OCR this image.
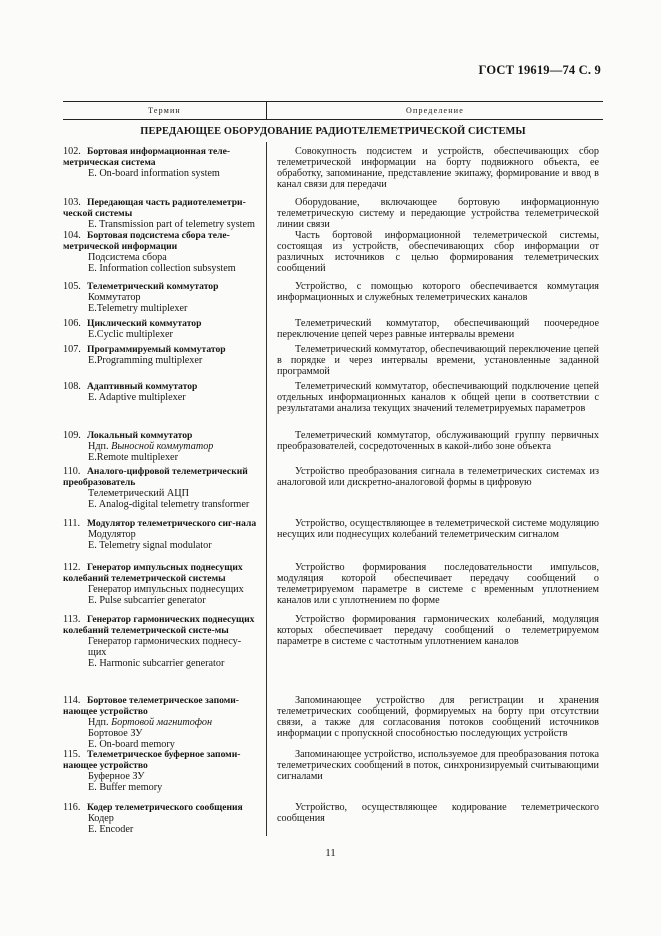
ГОСТ 19619—74 С. 9
Термин	Определение
ПЕРЕДАЮЩЕЕ ОБОРУДОВАНИЕ РАДИОТЕЛЕМЕТРИЧЕСКОЙ СИСТЕМЫ
102. Бортовая информационная теле-метрическая система
E. On-board information system

Совокупность подсистем и устройств, обеспечивающих сбор телеметрической информации на борту подвижного объекта, ее обработку, запоминание, представление экипажу, формирование и ввод в канал связи для передачи

103. Передающая часть радиотелеметри-ческой системы
E. Transmission part of telemetry system

Оборудование, включающее бортовую информационную телеметрическую систему и передающие устройства телеметрической линии связи

104. Бортовая подсистема сбора теле-метрической информации
Подсистема сбора
E. Information collection subsystem

Часть бортовой информационной телеметрической системы, состоящая из устройств, обеспечивающих сбор информации от различных источников с целью формирования телеметрических сообщений

105. Телеметрический коммутатор
Коммутатор
E.Telemetry multiplexer

Устройство, с помощью которого обеспечивается коммутация информационных и служебных телеметрических каналов

106. Циклический коммутатор
E.Cyclic multiplexer

Телеметрический коммутатор, обеспечивающий поочередное переключение цепей через равные интервалы времени

107. Программируемый коммутатор
E.Programming multiplexer

Телеметрический коммутатор, обеспечивающий переключение цепей в порядке и через интервалы времени, установленные заданной программой

108. Адаптивный коммутатор
E. Adaptive multiplexer

Телеметрический коммутатор, обеспечивающий подключение цепей отдельных информационных каналов к общей цепи в соответствии с результатами анализа текущих значений телеметрируемых параметров

109. Локальный коммутатор
Ндп. Выносной коммутатор
E.Remote multiplexer

Телеметрический коммутатор, обслуживающий группу первичных преобразователей, сосредоточенных в какой-либо зоне объекта

110. Аналого-цифровой телеметрический преобразователь
Телеметрический АЦП
E. Analog-digital telemetry transformer

Устройство преобразования сигнала в телеметрических системах из аналоговой или дискретно-аналоговой формы в цифровую

111. Модулятор телеметрического сиг-нала
Модулятор
E. Telemetry signal modulator

Устройство, осуществляющее в телеметрической системе модуляцию несущих или поднесущих колебаний телеметрическим сигналом

112. Генератор импульсных поднесущих колебаний телеметрической системы
Генератор импульсных поднесущих
E. Pulse subcarrier generator

Устройство формирования последовательности импульсов, модуляция которой обеспечивает передачу сообщений о телеметрируемом параметре в системе с временным уплотнением каналов или с уплотнением по форме

113. Генератор гармонических поднесущих колебаний телеметрической систе-мы
Генератор гармонических поднесу-
щих
E. Harmonic subcarrier generator

Устройство формирования гармонических колебаний, модуляция которых обеспечивает передачу сообщений о телеметрируемом параметре в системе с частотным уплотнением каналов

114. Бортовое телеметрическое запоми-нающее устройство
Ндп. Бортовой магнитофон
Бортовое ЗУ
E. On-board memory

Запоминающее устройство для регистрации и хранения телеметрических сообщений, формируемых на борту при отсутствии связи, а также для согласования потоков сообщений источников информации с пропускной способностью последующих устройств

115. Телеметрическое буферное запоми-нающее устройство
Буферное ЗУ
E. Buffer memory

Запоминающее устройство, используемое для преобразования потока телеметрических сообщений в поток, синхронизируемый считывающими сигналами

116. Кодер телеметрического сообщения
Кодер
E. Encoder

Устройство, осуществляющее кодирование телеметрического сообщения

11
